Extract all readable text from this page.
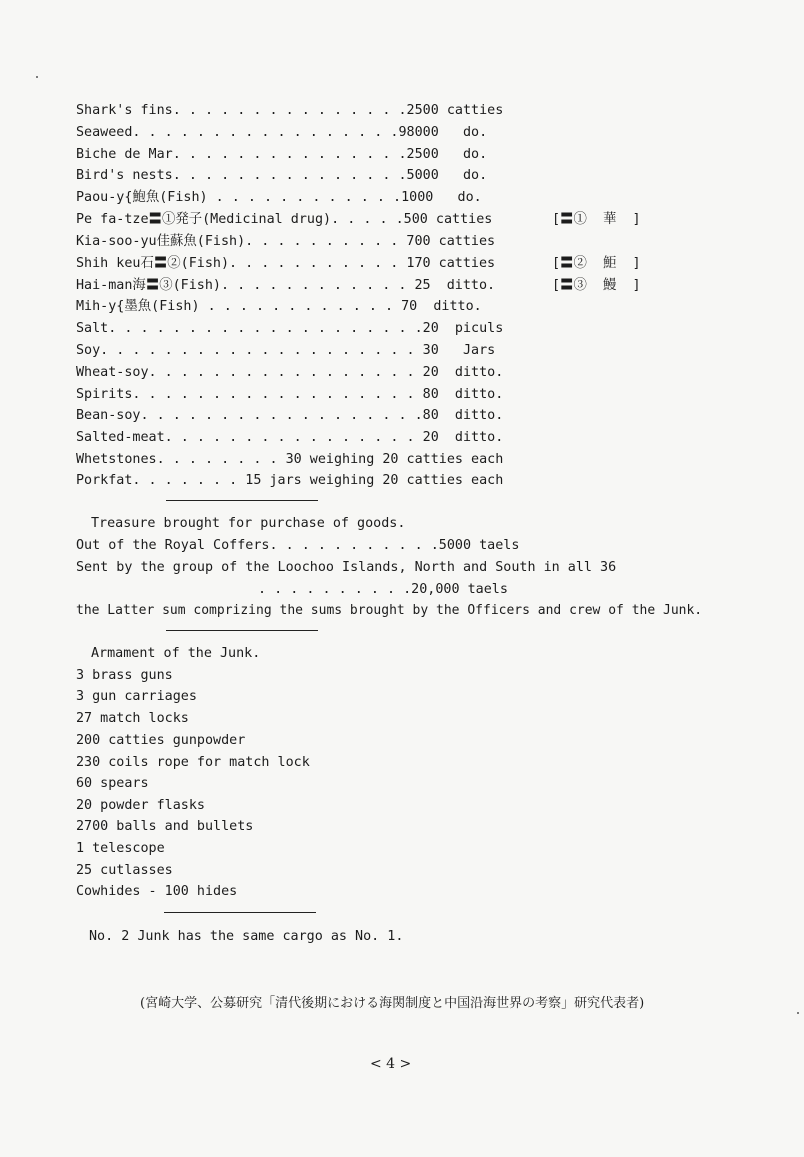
Shark's fins. . . . . . . . . . . . . . .2500 catties
Seaweed. . . . . . . . . . . . . . . . .98000   do.
Biche de Mar. . . . . . . . . . . . . . .2500   do.
Bird's nests. . . . . . . . . . . . . . .5000   do.
Paou-y{鮑魚(Fish) . . . . . . . . . . . .1000   do.
Pe fa-tze〓①発子(Medicinal drug). . . . .500 catties
Kia-soo-yu佳蘇魚(Fish). . . . . . . . . . 700 catties
Shih keu石〓②(Fish). . . . . . . . . . . 170 catties
Hai-man海〓③(Fish). . . . . . . . . . . . 25  ditto.
Mih-y{墨魚(Fish) . . . . . . . . . . . . 70  ditto.
Salt. . . . . . . . . . . . . . . . . . . .20  piculs
Soy. . . . . . . . . . . . . . . . . . . . 30   Jars
Wheat-soy. . . . . . . . . . . . . . . . . 20  ditto.
Spirits. . . . . . . . . . . . . . . . . . 80  ditto.
Bean-soy. . . . . . . . . . . . . . . . . .80  ditto.
Salted-meat. . . . . . . . . . . . . . . . 20  ditto.
Whetstones. . . . . . . . 30 weighing 20 catties each
Porkfat. . . . . . . 15 jars weighing 20 catties each
[〓①  華  ]
[〓②  鮔  ]
[〓③  鰻  ]
Treasure brought for purchase of goods.
Out of the Royal Coffers. . . . . . . . . . .5000 taels
Sent by the group of the Loochoo Islands, North and South in all 36
. . . . . . . . . .20,000 taels
the Latter sum comprizing the sums brought by the Officers and crew of the Junk.
Armament of the Junk.
3 brass guns
3 gun carriages
27 match locks
200 catties gunpowder
230 coils rope for match lock
60 spears
20 powder flasks
2700 balls and bullets
1 telescope
25 cutlasses
Cowhides - 100 hides
No. 2 Junk has the same cargo as No. 1.
(宮崎大学、公募研究「清代後期における海関制度と中国沿海世界の考察」研究代表者)
< 4 >
